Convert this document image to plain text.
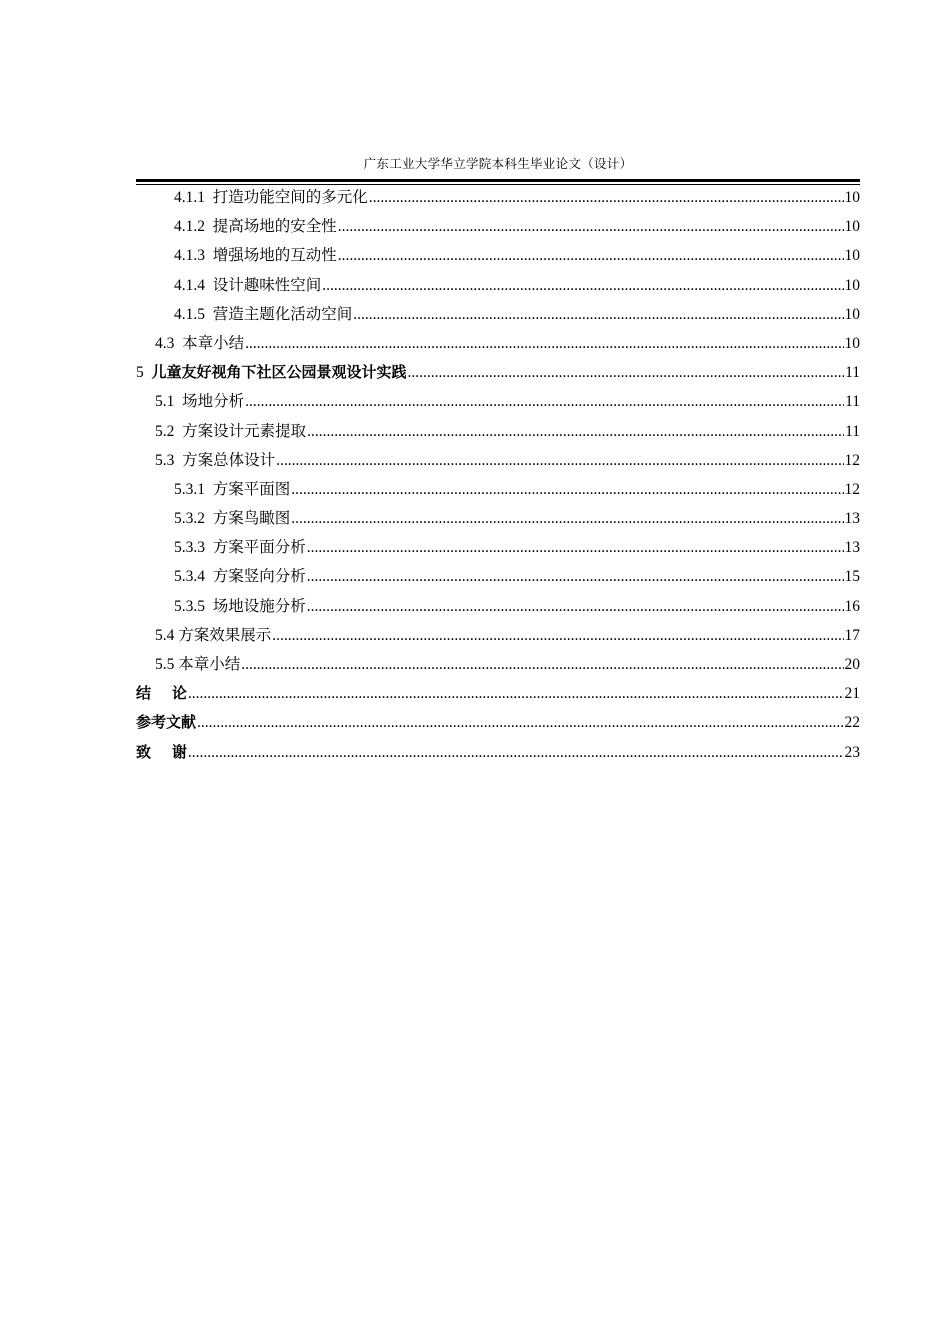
广东工业大学华立学院本科生毕业论文（设计）
4.1.1 打造功能空间的多元化 .....	10
4.1.2 提高场地的安全性 .....	10
4.1.3 增强场地的互动性 .....	10
4.1.4 设计趣味性空间 .....	10
4.1.5 营造主题化活动空间 .....	10
4.3 本章小结 .....	10
5 儿童友好视角下社区公园景观设计实践 .....	11
5.1 场地分析 .....	11
5.2 方案设计元素提取 .....	11
5.3 方案总体设计 .....	12
5.3.1 方案平面图 .....	12
5.3.2 方案鸟瞰图 .....	13
5.3.3 方案平面分析 .....	13
5.3.4 方案竖向分析 .....	15
5.3.5 场地设施分析 .....	16
5.4 方案效果展示 .....	17
5.5 本章小结 .....	20
结    论 .....	21
参考文献 .....	22
致    谢 .....	23
